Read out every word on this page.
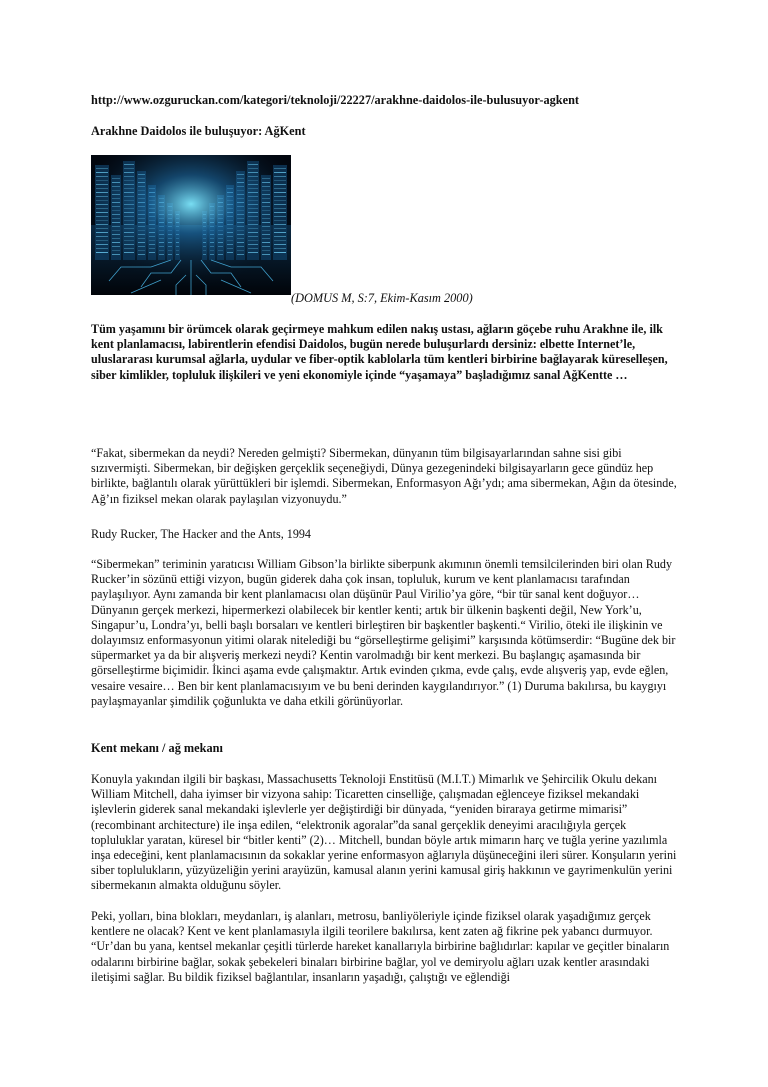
http://www.ozguruckan.com/kategori/teknoloji/22227/arakhne-daidolos-ile-bulusuyor-agkent
Arakhne Daidolos ile buluşuyor: AğKent
(DOMUS M, S:7, Ekim-Kasım 2000)
Tüm yaşamını bir örümcek olarak geçirmeye mahkum edilen nakış ustası, ağların göçebe ruhu Arakhne ile, ilk kent planlamacısı, labirentlerin efendisi Daidolos, bugün nerede buluşurlardı dersiniz: elbette Internet’le, uluslararası kurumsal ağlarla, uydular ve fiber-optik kablolarla tüm kentleri birbirine bağlayarak küreselleşen, siber kimlikler, topluluk ilişkileri ve yeni ekonomiyle içinde “yaşamaya” başladığımız sanal AğKentte …

“Fakat, sibermekan da neydi? Nereden gelmişti? Sibermekan, dünyanın tüm bilgisayarlarından sahne sisi gibi sızıvermişti. Sibermekan, bir değişken gerçeklik seçeneğiydi, Dünya gezegenindeki bilgisayarların gece gündüz hep birlikte, bağlantılı olarak yürüttükleri bir işlemdi. Sibermekan, Enformasyon Ağı’ydı; ama sibermekan, Ağın da ötesinde, Ağ’ın fiziksel mekan olarak paylaşılan vizyonuydu.”

Rudy Rucker, The Hacker and the Ants, 1994

“Sibermekan” teriminin yaratıcısı William Gibson’la birlikte siberpunk akımının önemli temsilcilerinden biri olan Rudy Rucker’in sözünü ettiği vizyon, bugün giderek daha çok insan, topluluk, kurum ve kent planlamacısı tarafından paylaşılıyor. Aynı zamanda bir kent planlamacısı olan düşünür Paul Virilio’ya göre, “bir tür sanal kent doğuyor… Dünyanın gerçek merkezi, hipermerkezi olabilecek bir kentler kenti; artık bir ülkenin başkenti değil, New York’u, Singapur’u, Londra’yı, belli başlı borsaları ve kentleri birleştiren bir başkentler başkenti.“ Virilio, öteki ile ilişkinin ve dolayımsız enformasyonun yitimi olarak nitelediği bu “görselleştirme gelişimi” karşısında kötümserdir: “Bugüne dek bir süpermarket ya da bir alışveriş merkezi neydi? Kentin varolmadığı bir kent merkezi. Bu başlangıç aşamasında bir görselleştirme biçimidir. İkinci aşama evde çalışmaktır. Artık evinden çıkma, evde çalış, evde alışveriş yap, evde eğlen, vesaire vesaire… Ben bir kent planlamacısıyım ve bu beni derinden kaygılandırıyor.” (1) Duruma bakılırsa, bu kaygıyı paylaşmayanlar şimdilik çoğunlukta ve daha etkili görünüyorlar.

Kent mekanı / ağ mekanı

Konuyla yakından ilgili bir başkası, Massachusetts Teknoloji Enstitüsü (M.I.T.) Mimarlık ve Şehircilik Okulu dekanı William Mitchell, daha iyimser bir vizyona sahip: Ticaretten cinselliğe, çalışmadan eğlenceye fiziksel mekandaki işlevlerin giderek sanal mekandaki işlevlerle yer değiştirdiği bir dünyada, “yeniden biraraya getirme mimarisi” (recombinant architecture) ile inşa edilen, “elektronik agoralar”da sanal gerçeklik deneyimi aracılığıyla gerçek topluluklar yaratan, küresel bir “bitler kenti” (2)… Mitchell, bundan böyle artık mimarın harç ve tuğla yerine yazılımla inşa edeceğini, kent planlamacısının da sokaklar yerine enformasyon ağlarıyla düşüneceğini ileri sürer. Konşuların yerini siber toplulukların, yüzyüzeliğin yerini arayüzün, kamusal alanın yerini kamusal giriş hakkının ve gayrimenkulün yerini sibermekanın almakta olduğunu söyler.

Peki, yolları, bina blokları, meydanları, iş alanları, metrosu, banliyöleriyle içinde fiziksel olarak yaşadığımız gerçek kentlere ne olacak? Kent ve kent planlamasıyla ilgili teorilere bakılırsa, kent zaten ağ fikrine pek yabancı durmuyor. “Ur’dan bu yana, kentsel mekanlar çeşitli türlerde hareket kanallarıyla birbirine bağlıdırlar: kapılar ve geçitler binaların odalarını birbirine bağlar, sokak şebekeleri binaları birbirine bağlar, yol ve demiryolu ağları uzak kentler arasındaki iletişimi sağlar. Bu bildik fiziksel bağlantılar, insanların yaşadığı, çalıştığı ve eğlendiği
